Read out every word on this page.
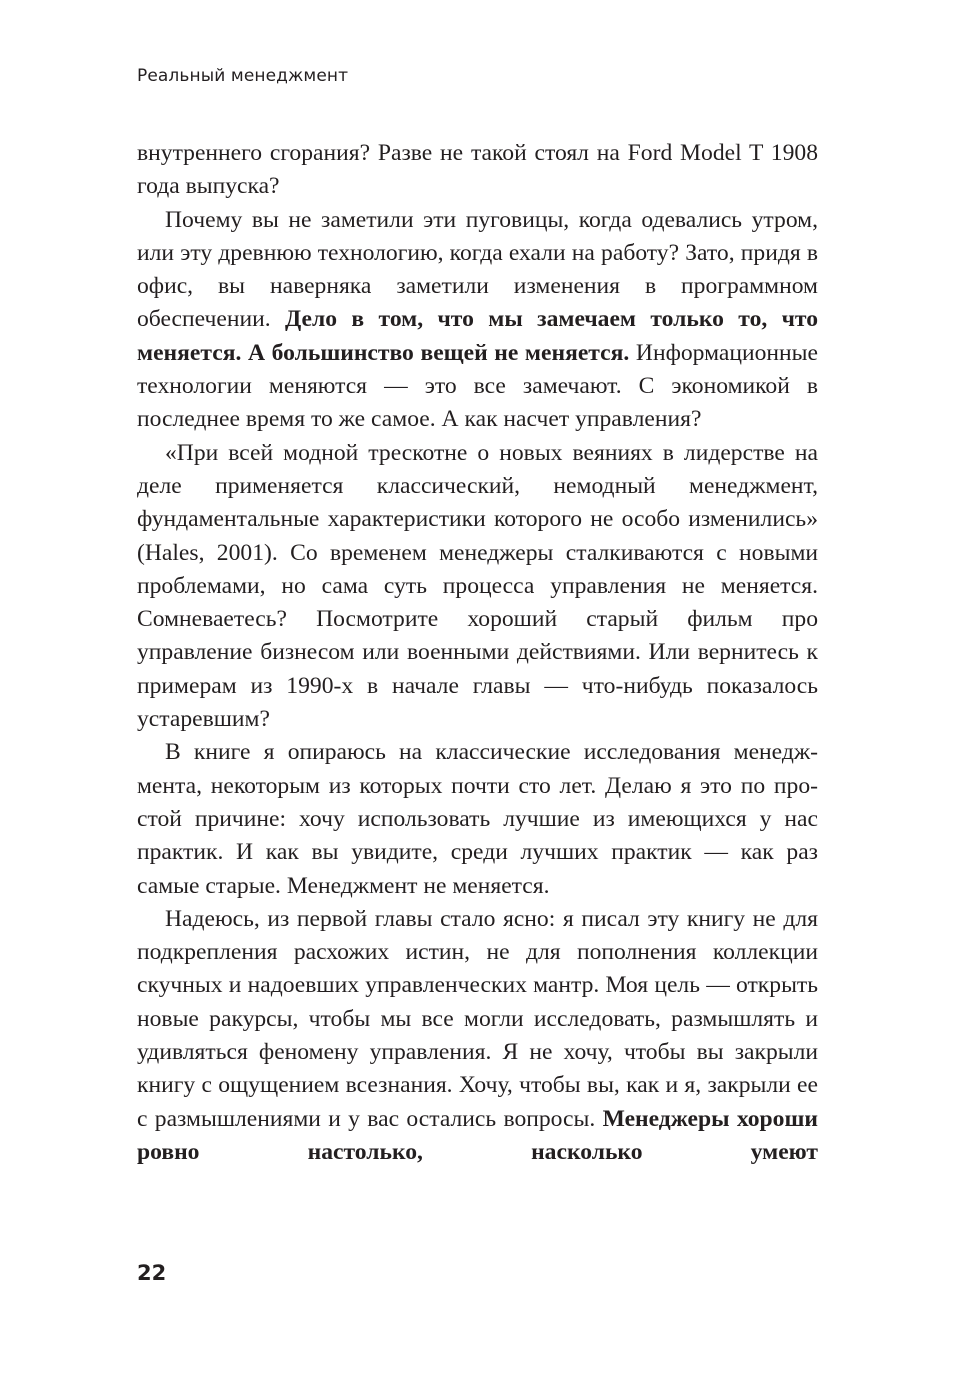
Реальный менеджмент

внутреннего сгорания? Разве не такой стоял на Ford Model T 1908 года выпуска?

Почему вы не заметили эти пуговицы, когда одевались утром, или эту древнюю технологию, когда ехали на работу? Зато, придя в офис, вы наверняка заметили изменения в программном обеспечении. Дело в том, что мы замечаем только то, что меняется. А большинство вещей не меняется. Информационные технологии меняются — это все замечают. С экономикой в последнее время то же самое. А как насчет управления?

«При всей модной трескотне о новых веяниях в лидерстве на деле применяется классический, немодный менеджмент, фундаментальные характеристики которого не особо изменились» (Hales, 2001). Со временем менеджеры сталкиваются с новыми проблемами, но сама суть процесса управления не меняется. Сомневаетесь? Посмотрите хороший старый фильм про управление бизнесом или военными действиями. Или вернитесь к примерам из 1990-х в начале главы — что-нибудь показалось устаревшим?

В книге я опираюсь на классические исследования менеджмента, некоторым из которых почти сто лет. Делаю я это по простой причине: хочу использовать лучшие из имеющихся у нас практик. И как вы увидите, среди лучших практик — как раз самые старые. Менеджмент не меняется.

Надеюсь, из первой главы стало ясно: я писал эту книгу не для подкрепления расхожих истин, не для пополнения коллекции скучных и надоевших управленческих мантр. Моя цель — открыть новые ракурсы, чтобы мы все могли исследовать, размышлять и удивляться феномену управления. Я не хочу, чтобы вы закрыли книгу с ощущением всезнания. Хочу, чтобы вы, как и я, закрыли ее с размышлениями и у вас остались вопросы. Менеджеры хороши ровно настолько, насколько умеют

22
